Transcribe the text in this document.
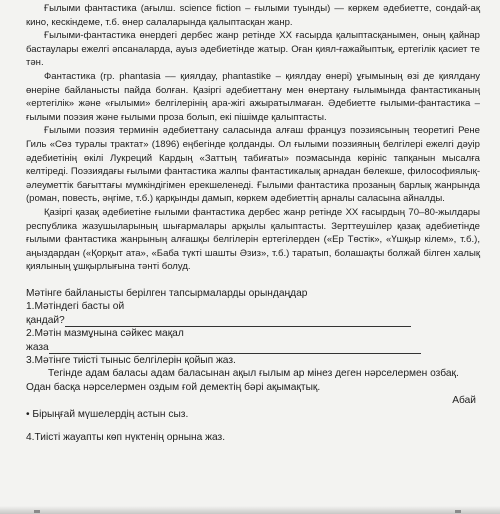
Ғылыми фантастика (ағылш. science fiction – ғылыми туынды) — көркем әдебиетте, сондай-ақ кино, кескіндеме, т.б. өнер салаларында қалыптасқан жанр.

Ғылыми-фантастика өнердегі дербес жанр ретінде XX ғасырда қалыптасқанымен, оның қайнар бастаулары ежелгі әпсаналарда, ауыз әдебиетінде жатыр. Оған қиял-ғажайыптық, ертегілік қасиет те тән.

Фантастика (гр. phantasia –– қиялдау, phantastike – қиялдау өнері) ұғымының өзі де қиялдану өнеріне байланысты пайда болған. Қазіргі әдебиеттану мен өнертану ғылымында фантастиканың «ертегілік» және «ғылыми» белгілерінің ара-жігі ажыратылмаған. Әдебиетте ғылыми-фантастика – ғылыми поэзия және ғылыми проза болып, екі пішімде қалыптасты.

Ғылыми поэзия терминін әдебиеттану саласында алғаш француз поэзиясының теоретигі Рене Гиль «Сөз туралы трактат» (1896) еңбегінде қолданды. Ол ғылыми поэзияның белгілері ежелгі дәуір әдебиетінің өкілі Лукреций Кардың «Заттың табиғаты» поэмасында көрініс тапқанын мысалға келтіреді. Поэзиядағы ғылыми фантастика жалпы фантастикалық арнадан бөлекше, философиялық-әлеуметтік бағыттағы мүмкіндігімен ерекшеленеді. Ғылыми фантастика прозаның барлық жанрында (роман, повесть, әңгіме, т.б.) қарқынды дамып, көркем әдебиеттің арналы саласына айналды.

Қазіргі қазақ әдебиетіне ғылыми фантастика дербес жанр ретінде XX ғасырдың 70–80-жылдары республика жазушыларының шығармалары арқылы қалыптасты. Зерттеушілер қазақ әдебиетінде ғылыми фантастика жанрының алғашқы белгілерін ертегілерден («Ер Төстік», «Үшқыр кілем», т.б.), аңыздардан («Қорқыт ата», «Баба түкті шашты Әзиз», т.б.) таратып, болашақты болжай білген халық қиялының ұшқырлығына тәнті болуд.

Мәтінге байланысты берілген тапсырмаларды орындаңдар
1.Мәтіндегі басты ой
қандай?
2.Мәтін мазмұнына сәйкес мақал
жаза
3.Мәтінге тиісті тыныс белгілерін қойып жаз.

Тегінде адам баласы адам баласынан ақыл ғылым ар мінез деген нәрселермен озбақ. Одан басқа нәрселермен оздым ғой демектің бәрі ақымақтық.

Абай
• Бірыңғай мүшелердің астын сыз.
4.Тиісті жауапты көп нүктенің орнына жаз.
